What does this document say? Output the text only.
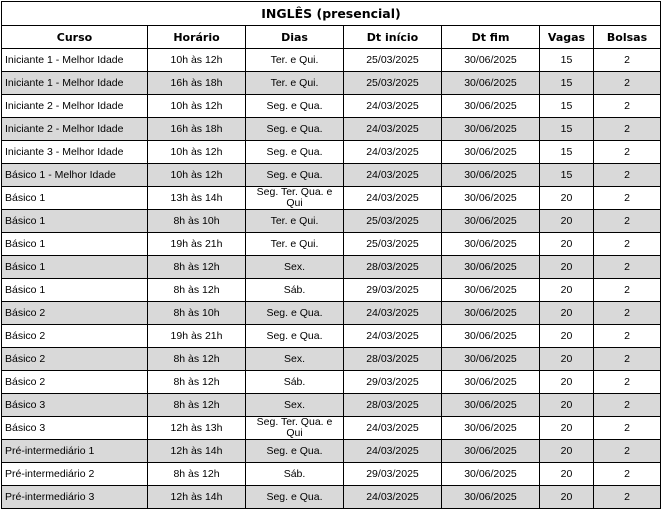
INGLÊS (presencial)						
Curso	Horário	Dias	Dt início	Dt fim	Vagas	Bolsas
Iniciante 1 - Melhor Idade	10h às 12h	Ter. e Qui.	25/03/2025	30/06/2025	15	2
Iniciante 1 - Melhor Idade	16h às 18h	Ter. e Qui.	25/03/2025	30/06/2025	15	2
Iniciante 2 - Melhor Idade	10h às 12h	Seg. e Qua.	24/03/2025	30/06/2025	15	2
Iniciante 2 - Melhor Idade	16h às 18h	Seg. e Qua.	24/03/2025	30/06/2025	15	2
Iniciante 3 - Melhor Idade	10h às 12h	Seg. e Qua.	24/03/2025	30/06/2025	15	2
Básico 1 - Melhor Idade	10h às 12h	Seg. e Qua.	24/03/2025	30/06/2025	15	2
Básico 1	13h às 14h	Seg. Ter. Qua. e Qui	24/03/2025	30/06/2025	20	2
Básico 1	8h às 10h	Ter. e Qui.	25/03/2025	30/06/2025	20	2
Básico 1	19h às 21h	Ter. e Qui.	25/03/2025	30/06/2025	20	2
Básico 1	8h às 12h	Sex.	28/03/2025	30/06/2025	20	2
Básico 1	8h às 12h	Sáb.	29/03/2025	30/06/2025	20	2
Básico 2	8h às 10h	Seg. e Qua.	24/03/2025	30/06/2025	20	2
Básico 2	19h às 21h	Seg. e Qua.	24/03/2025	30/06/2025	20	2
Básico 2	8h às 12h	Sex.	28/03/2025	30/06/2025	20	2
Básico 2	8h às 12h	Sáb.	29/03/2025	30/06/2025	20	2
Básico 3	8h às 12h	Sex.	28/03/2025	30/06/2025	20	2
Básico 3	12h às 13h	Seg. Ter. Qua. e Qui	24/03/2025	30/06/2025	20	2
Pré-intermediário 1	12h às 14h	Seg. e Qua.	24/03/2025	30/06/2025	20	2
Pré-intermediário 2	8h às 12h	Sáb.	29/03/2025	30/06/2025	20	2
Pré-intermediário 3	12h às 14h	Seg. e Qua.	24/03/2025	30/06/2025	20	2
